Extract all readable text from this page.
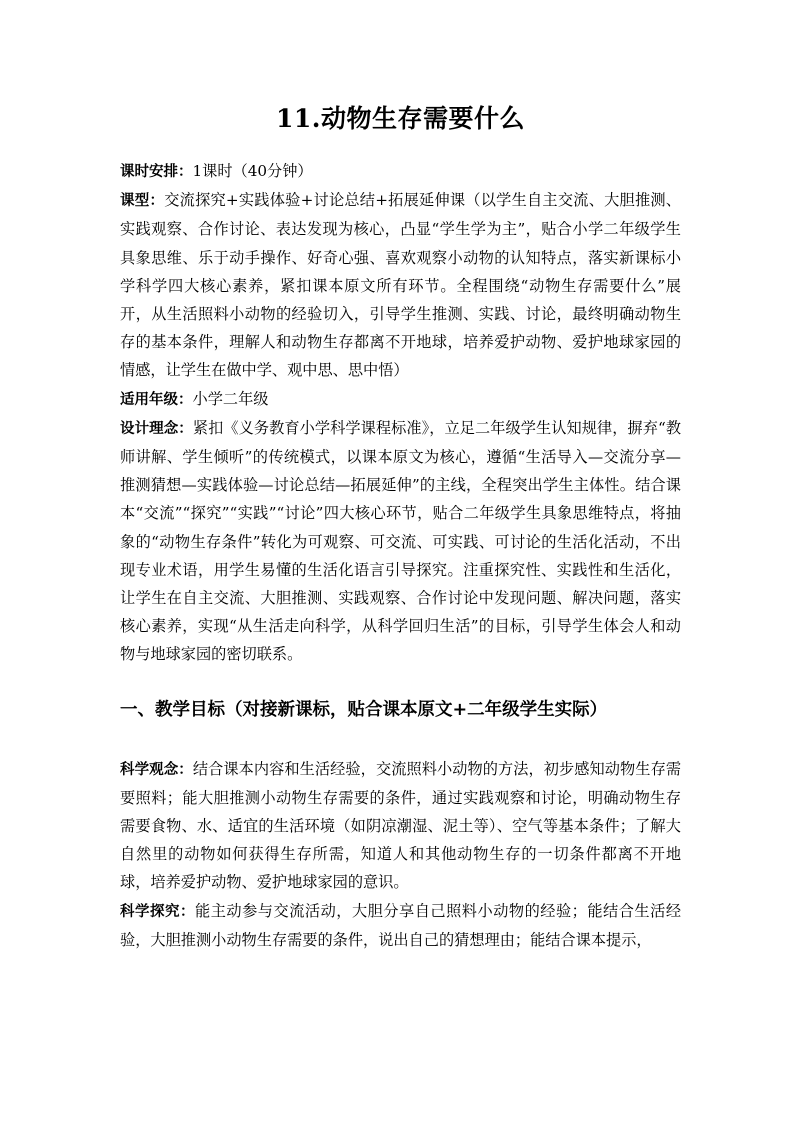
11.动物生存需要什么

课时安排：1课时（40分钟）

课型：交流探究+实践体验+讨论总结+拓展延伸课（以学生自主交流、大胆推测、实践观察、合作讨论、表达发现为核心，凸显“学生学为主”，贴合小学二年级学生具象思维、乐于动手操作、好奇心强、喜欢观察小动物的认知特点，落实新课标小学科学四大核心素养，紧扣课本原文所有环节。全程围绕“动物生存需要什么”展开，从生活照料小动物的经验切入，引导学生推测、实践、讨论，最终明确动物生存的基本条件，理解人和动物生存都离不开地球，培养爱护动物、爱护地球家园的情感，让学生在做中学、观中思、思中悟）

适用年级：小学二年级

设计理念：紧扣《义务教育小学科学课程标准》，立足二年级学生认知规律，摒弃“教师讲解、学生倾听”的传统模式，以课本原文为核心，遵循“生活导入—交流分享—推测猜想—实践体验—讨论总结—拓展延伸”的主线，全程突出学生主体性。结合课本“交流”“探究”“实践”“讨论”四大核心环节，贴合二年级学生具象思维特点，将抽象的“动物生存条件”转化为可观察、可交流、可实践、可讨论的生活化活动，不出现专业术语，用学生易懂的生活化语言引导探究。注重探究性、实践性和生活化，让学生在自主交流、大胆推测、实践观察、合作讨论中发现问题、解决问题，落实核心素养，实现“从生活走向科学，从科学回归生活”的目标，引导学生体会人和动物与地球家园的密切联系。

一、教学目标（对接新课标，贴合课本原文+二年级学生实际）

科学观念：结合课本内容和生活经验，交流照料小动物的方法，初步感知动物生存需要照料；能大胆推测小动物生存需要的条件，通过实践观察和讨论，明确动物生存需要食物、水、适宜的生活环境（如阴凉潮湿、泥土等）、空气等基本条件；了解大自然里的动物如何获得生存所需，知道人和其他动物生存的一切条件都离不开地球，培养爱护动物、爱护地球家园的意识。

科学探究：能主动参与交流活动，大胆分享自己照料小动物的经验；能结合生活经验，大胆推测小动物生存需要的条件，说出自己的猜想理由；能结合课本提示，
